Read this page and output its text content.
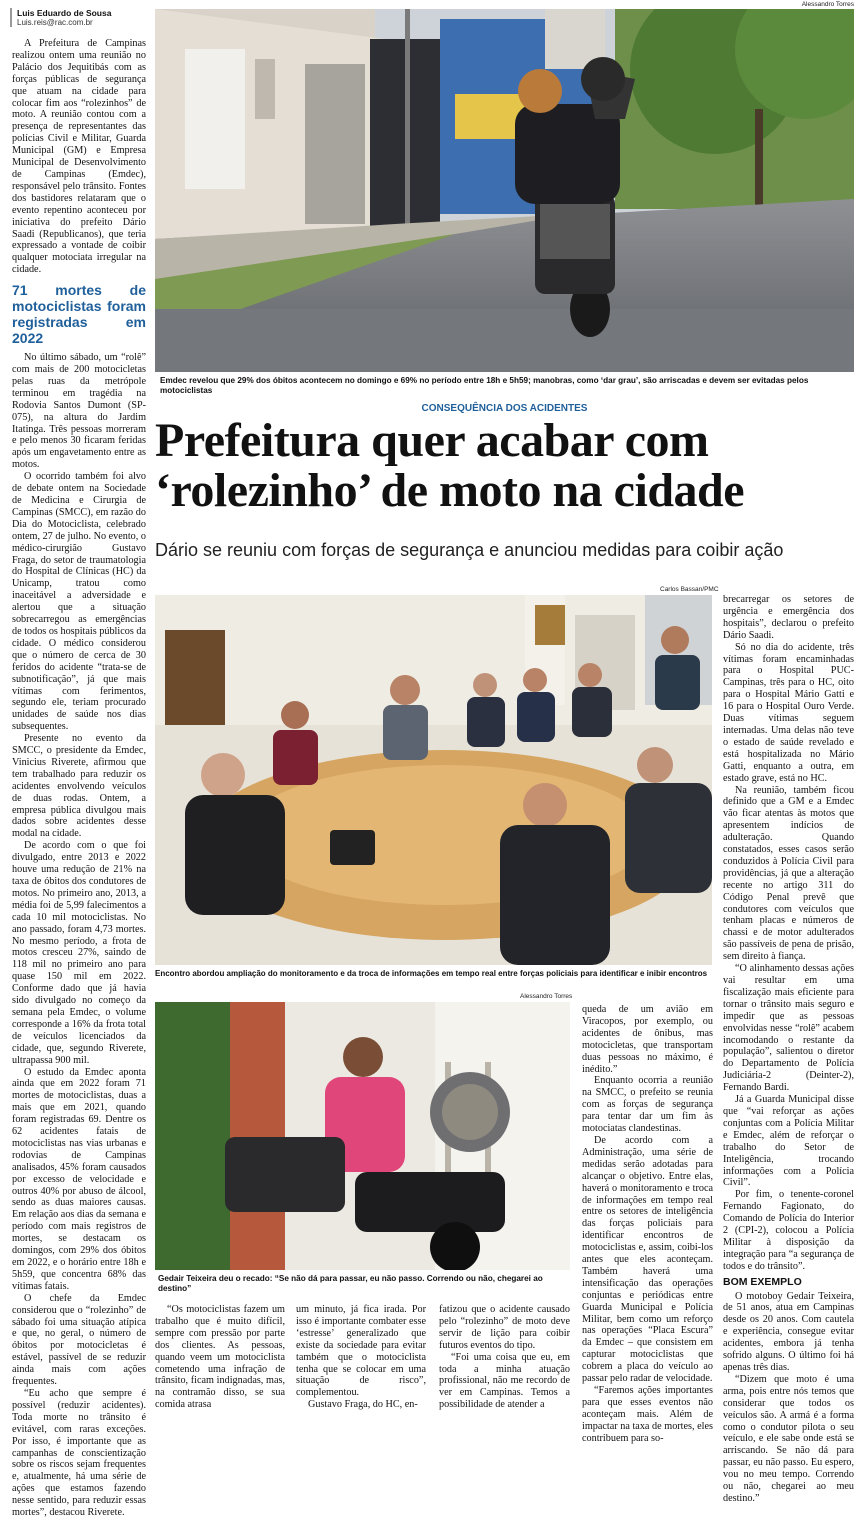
Luis Eduardo de Sousa
Luis.reis@rac.com.br

A Prefeitura de Campinas realizou ontem uma reunião no Palácio dos Jequitibás com as forças públicas de segurança que atuam na cidade para colocar fim aos “rolezinhos” de moto. A reunião contou com a presença de representantes das polícias Civil e Militar, Guarda Municipal (GM) e Empresa Municipal de Desenvolvimento de Campinas (Emdec), responsável pelo trânsito. Fontes dos bastidores relataram que o evento repentino aconteceu por iniciativa do prefeito Dário Saadi (Republicanos), que teria expressado a vontade de coibir qualquer motociata irregular na cidade.

71 mortes de motociclistas foram registradas em 2022

No último sábado, um “rolê” com mais de 200 motocicletas pelas ruas da metrópole terminou em tragédia na Rodovia Santos Dumont (SP-075), na altura do Jardim Itatinga. Três pessoas morreram e pelo menos 30 ficaram feridas após um engavetamento entre as motos.

O ocorrido também foi alvo de debate ontem na Sociedade de Medicina e Cirurgia de Campinas (SMCC), em razão do Dia do Motociclista, celebrado ontem, 27 de julho. No evento, o médico-cirurgião Gustavo Fraga, do setor de traumatologia do Hospital de Clínicas (HC) da Unicamp, tratou como inaceitável a adversidade e alertou que a situação sobrecarregou as emergências de todos os hospitais públicos da cidade. O médico considerou que o número de cerca de 30 feridos do acidente “trata-se de subnotificação”, já que mais vítimas com ferimentos, segundo ele, teriam procurado unidades de saúde nos dias subsequentes.

Presente no evento da SMCC, o presidente da Emdec, Vinicius Riverete, afirmou que tem trabalhado para reduzir os acidentes envolvendo veículos de duas rodas. Ontem, a empresa pública divulgou mais dados sobre acidentes desse modal na cidade.

De acordo com o que foi divulgado, entre 2013 e 2022 houve uma redução de 21% na taxa de óbitos dos condutores de motos. No primeiro ano, 2013, a média foi de 5,99 falecimentos a cada 10 mil motociclistas. No ano passado, foram 4,73 mortes. No mesmo período, a frota de motos cresceu 27%, saindo de 118 mil no primeiro ano para quase 150 mil em 2022. Conforme dado que já havia sido divulgado no começo da semana pela Emdec, o volume corresponde a 16% da frota total de veículos licenciados da cidade, que, segundo Riverete, ultrapassa 900 mil.

O estudo da Emdec aponta ainda que em 2022 foram 71 mortes de motociclistas, duas a mais que em 2021, quando foram registradas 69. Dentre os 62 acidentes fatais de motociclistas nas vias urbanas e rodovias de Campinas analisados, 45% foram causados por excesso de velocidade e outros 40% por abuso de álcool, sendo as duas maiores causas. Em relação aos dias da semana e período com mais registros de mortes, se destacam os domingos, com 29% dos óbitos em 2022, e o horário entre 18h e 5h59, que concentra 68% das vítimas fatais.

O chefe da Emdec considerou que o “rolezinho” de sábado foi uma situação atípica e que, no geral, o número de óbitos por motocicletas é estável, passível de se reduzir ainda mais com ações frequentes.

“Eu acho que sempre é possível (reduzir acidentes). Toda morte no trânsito é evitável, com raras exceções. Por isso, é importante que as campanhas de conscientização sobre os riscos sejam frequentes e, atualmente, há uma série de ações que estamos fazendo nesse sentido, para reduzir essas mortes”, destacou Riverete.

Alessandro Torres
Emdec revelou que 29% dos óbitos acontecem no domingo e 69% no período entre 18h e 5h59; manobras, como ‘dar grau’, são arriscadas e devem ser evitadas pelos motociclistas
CONSEQUÊNCIA DOS ACIDENTES
Prefeitura quer acabar com
‘rolezinho’ de moto na cidade
Dário se reuniu com forças de segurança e anunciou medidas para coibir ação
Carlos Bassan/PMC

brecarregar os setores de urgência e emergência dos hospitais”, declarou o prefeito Dário Saadi.

Só no dia do acidente, três vítimas foram encaminhadas para o Hospital PUC-Campinas, três para o HC, oito para o Hospital Mário Gatti e 16 para o Hospital Ouro Verde. Duas vítimas seguem internadas. Uma delas não teve o estado de saúde revelado e está hospitalizada no Mário Gatti, enquanto a outra, em estado grave, está no HC.

Na reunião, também ficou definido que a GM e a Emdec vão ficar atentas às motos que apresentem indícios de adulteração. Quando constatados, esses casos serão conduzidos à Polícia Civil para providências, já que a alteração recente no artigo 311 do Código Penal prevê que condutores com veículos que tenham placas e números de chassi e de motor adulterados são passíveis de pena de prisão, sem direito à fiança.

“O alinhamento dessas ações vai resultar em uma fiscalização mais eficiente para tornar o trânsito mais seguro e impedir que as pessoas envolvidas nesse “rolê” acabem incomodando o restante da população”, salientou o diretor do Departamento de Polícia Judiciária-2 (Deinter-2), Fernando Bardi.

Já a Guarda Municipal disse que “vai reforçar as ações conjuntas com a Polícia Militar e Emdec, além de reforçar o trabalho do Setor de Inteligência, trocando informações com a Polícia Civil”.

Por fim, o tenente-coronel Fernando Fagionato, do Comando de Polícia do Interior 2 (CPI-2), colocou a Polícia Militar à disposição da integração para “a segurança de todos e do trânsito”.

BOM EXEMPLO

O motoboy Gedair Teixeira, de 51 anos, atua em Campinas desde os 20 anos. Com cautela e experiência, consegue evitar acidentes, embora já tenha sofrido alguns. O último foi há apenas três dias.

“Dizem que moto é uma arma, pois entre nós temos que considerar que todos os veículos são. A armá é a forma como o condutor pilota o seu veículo, e ele sabe onde está se arriscando. Se não dá para passar, eu não passo. Eu espero, vou no meu tempo. Correndo ou não, chegarei ao meu destino.”

Encontro abordou ampliação do monitoramento e da troca de informações em tempo real entre forças policiais para identificar e inibir encontros
Alessandro Torres
Gedair Teixeira deu o recado: “Se não dá para passar, eu não passo. Correndo ou não, chegarei ao destino”

queda de um avião em Viracopos, por exemplo, ou acidentes de ônibus, mas motocicletas, que transportam duas pessoas no máximo, é inédito.”

Enquanto ocorria a reunião na SMCC, o prefeito se reunia com as forças de segurança para tentar dar um fim às motociatas clandestinas.

De acordo com a Administração, uma série de medidas serão adotadas para alcançar o objetivo. Entre elas, haverá o monitoramento e troca de informações em tempo real entre os setores de inteligência das forças policiais para identificar encontros de motociclistas e, assim, coibi-los antes que eles aconteçam. Também haverá uma intensificação das operações conjuntas e periódicas entre Guarda Municipal e Polícia Militar, bem como um reforço nas operações “Placa Escura” da Emdec – que consistem em capturar motociclistas que cobrem a placa do veículo ao passar pelo radar de velocidade.

“Faremos ações importantes para que esses eventos não aconteçam mais. Além de impactar na taxa de mortes, eles contribuem para so-

“Os motociclistas fazem um trabalho que é muito difícil, sempre com pressão por parte dos clientes. As pessoas, quando veem um motociclista cometendo uma infração de trânsito, ficam indignadas, mas, na contramão disso, se sua comida atrasa

um minuto, já fica irada. Por isso é importante combater esse ‘estresse’ generalizado que existe da sociedade para evitar também que o motociclista tenha que se colocar em uma situação de risco”, complementou.

Gustavo Fraga, do HC, en-

fatizou que o acidente causado pelo “rolezinho” de moto deve servir de lição para coibir futuros eventos do tipo.

“Foi uma coisa que eu, em toda a minha atuação profissional, não me recordo de ver em Campinas. Temos a possibilidade de atender a
